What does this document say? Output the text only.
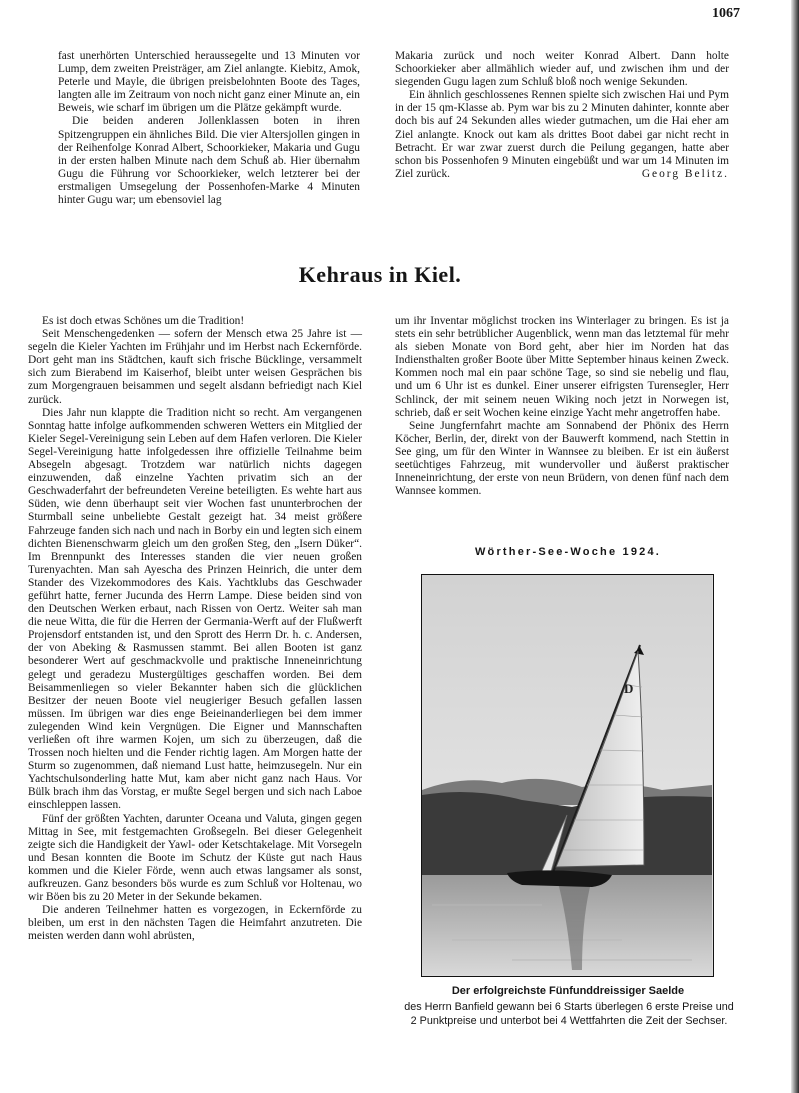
1067

fast unerhörten Unterschied heraussegelte und 13 Minuten vor Lump, dem zweiten Preisträger, am Ziel anlangte. Kiebitz, Amok, Peterle und Mayle, die übrigen preisbelohnten Boote des Tages, langten alle im Zeitraum von noch nicht ganz einer Minute an, ein Beweis, wie scharf im übrigen um die Plätze gekämpft wurde.

Die beiden anderen Jollenklassen boten in ihren Spitzengruppen ein ähnliches Bild. Die vier Altersjollen gingen in der Reihenfolge Konrad Albert, Schoorkieker, Makaria und Gugu in der ersten halben Minute nach dem Schuß ab. Hier übernahm Gugu die Führung vor Schoorkieker, welch letzterer bei der erstmaligen Umsegelung der Possenhofen-Marke 4 Minuten hinter Gugu war; um ebensoviel lag

Makaria zurück und noch weiter Konrad Albert. Dann holte Schoorkieker aber allmählich wieder auf, und zwischen ihm und der siegenden Gugu lagen zum Schluß bloß noch wenige Sekunden.

Ein ähnlich geschlossenes Rennen spielte sich zwischen Hai und Pym in der 15 qm-Klasse ab. Pym war bis zu 2 Minuten dahinter, konnte aber doch bis auf 24 Sekunden alles wieder gutmachen, um die Hai eher am Ziel anlangte. Knock out kam als drittes Boot dabei gar nicht recht in Betracht. Er war zwar zuerst durch die Peilung gegangen, hatte aber schon bis Possenhofen 9 Minuten eingebüßt und war um 14 Minuten im Ziel zurück.	Georg Belitz.

Kehraus in Kiel.

Es ist doch etwas Schönes um die Tradition!

Seit Menschengedenken — sofern der Mensch etwa 25 Jahre ist — segeln die Kieler Yachten im Frühjahr und im Herbst nach Eckernförde. Dort geht man ins Städtchen, kauft sich frische Bücklinge, versammelt sich zum Bierabend im Kaiserhof, bleibt unter weisen Gesprächen bis zum Morgengrauen beisammen und segelt alsdann befriedigt nach Kiel zurück.

Dies Jahr nun klappte die Tradition nicht so recht. Am vergangenen Sonntag hatte infolge aufkommenden schweren Wetters ein Mitglied der Kieler Segel-Vereinigung sein Leben auf dem Hafen verloren. Die Kieler Segel-Vereinigung hatte infolgedessen ihre offizielle Teilnahme beim Absegeln abgesagt. Trotzdem war natürlich nichts dagegen einzuwenden, daß einzelne Yachten privatim sich an der Geschwaderfahrt der befreundeten Vereine beteiligten. Es wehte hart aus Süden, wie denn überhaupt seit vier Wochen fast ununterbrochen der Sturmball seine unbeliebte Gestalt gezeigt hat. 34 meist größere Fahrzeuge fanden sich nach und nach in Borby ein und legten sich einem dichten Bienenschwarm gleich um den großen Steg, den „Isern Düker“. Im Brennpunkt des Interesses standen die vier neuen großen Turenyachten. Man sah Ayescha des Prinzen Heinrich, die unter dem Stander des Vizekommodores des Kais. Yachtklubs das Geschwader geführt hatte, ferner Jucunda des Herrn Lampe. Diese beiden sind von den Deutschen Werken erbaut, nach Rissen von Oertz. Weiter sah man die neue Witta, die für die Herren der Germania-Werft auf der Flußwerft Projensdorf entstanden ist, und den Sprott des Herrn Dr. h. c. Andersen, der von Abeking & Rasmussen stammt. Bei allen Booten ist ganz besonderer Wert auf geschmackvolle und praktische Inneneinrichtung gelegt und geradezu Mustergültiges geschaffen worden. Bei dem Beisammenliegen so vieler Bekannter haben sich die glücklichen Besitzer der neuen Boote viel neugieriger Besuch gefallen lassen müssen. Im übrigen war dies enge Beieinanderliegen bei dem immer zulegenden Wind kein Vergnügen. Die Eigner und Mannschaften verließen oft ihre warmen Kojen, um sich zu überzeugen, daß die Trossen noch hielten und die Fender richtig lagen. Am Morgen hatte der Sturm so zugenommen, daß niemand Lust hatte, heimzusegeln. Nur ein Yachtschulsonderling hatte Mut, kam aber nicht ganz nach Haus. Vor Bülk brach ihm das Vorstag, er mußte Segel bergen und sich nach Laboe einschleppen lassen.

Fünf der größten Yachten, darunter Oceana und Valuta, gingen gegen Mittag in See, mit festgemachten Großsegeln. Bei dieser Gelegenheit zeigte sich die Handigkeit der Yawl- oder Ketschtakelage. Mit Vorsegeln und Besan konnten die Boote im Schutz der Küste gut nach Haus kommen und die Kieler Förde, wenn auch etwas langsamer als sonst, aufkreuzen. Ganz besonders bös wurde es zum Schluß vor Holtenau, wo wir Böen bis zu 20 Meter in der Sekunde bekamen.

Die anderen Teilnehmer hatten es vorgezogen, in Eckernförde zu bleiben, um erst in den nächsten Tagen die Heimfahrt anzutreten. Die meisten werden dann wohl abrüsten,

um ihr Inventar möglichst trocken ins Winterlager zu bringen. Es ist ja stets ein sehr betrüblicher Augenblick, wenn man das letztemal für mehr als sieben Monate von Bord geht, aber hier im Norden hat das Indiensthalten großer Boote über Mitte September hinaus keinen Zweck. Kommen noch mal ein paar schöne Tage, so sind sie nebelig und flau, und um 6 Uhr ist es dunkel. Einer unserer eifrigsten Turensegler, Herr Schlinck, der mit seinem neuen Wiking noch jetzt in Norwegen ist, schrieb, daß er seit Wochen keine einzige Yacht mehr angetroffen habe.

Seine Jungfernfahrt machte am Sonnabend der Phönix des Herrn Köcher, Berlin, der, direkt von der Bauwerft kommend, nach Stettin in See ging, um für den Winter in Wannsee zu bleiben. Er ist ein äußerst seetüchtiges Fahrzeug, mit wundervoller und äußerst praktischer Inneneinrichtung, der erste von neun Brüdern, von denen fünf nach dem Wannsee kommen.

Wörther-See-Woche 1924.
D
Der erfolgreichste Fünfunddreissiger Saelde
des Herrn Banfield gewann bei 6 Starts überlegen 6 erste Preise und 2 Punktpreise und unterbot bei 4 Wettfahrten die Zeit der Sechser.
